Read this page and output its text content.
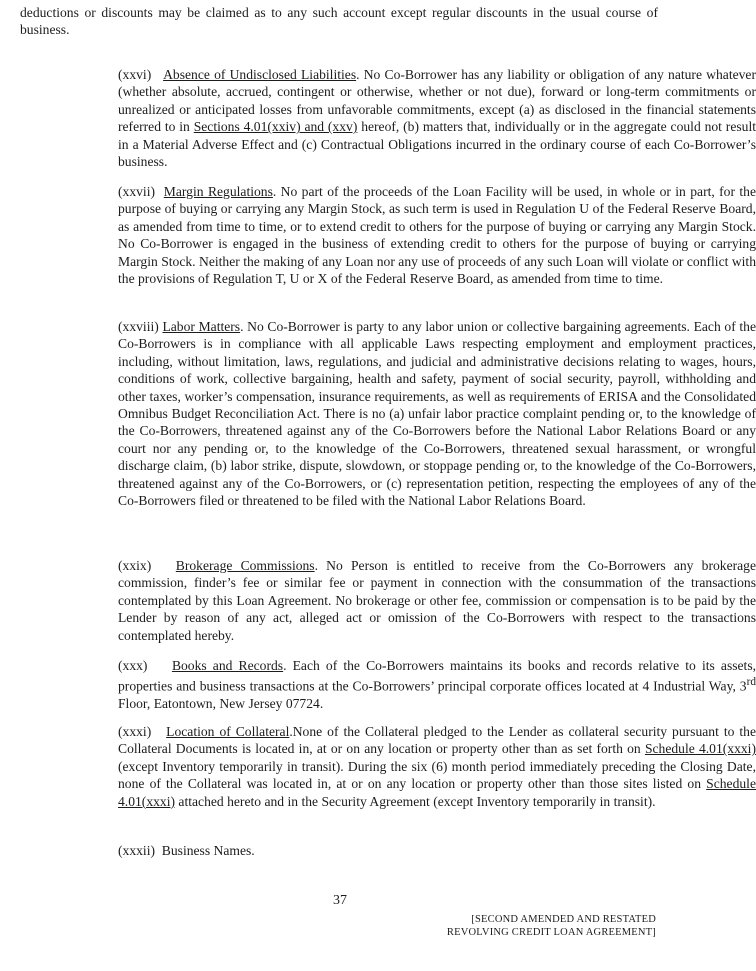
deductions or discounts may be claimed as to any such account except regular discounts in the usual course of business.

(xxvi) Absence of Undisclosed Liabilities. No Co-Borrower has any liability or obligation of any nature whatever (whether absolute, accrued, contingent or otherwise, whether or not due), forward or long-term commitments or unrealized or anticipated losses from unfavorable commitments, except (a) as disclosed in the financial statements referred to in Sections 4.01(xxiv) and (xxv) hereof, (b) matters that, individually or in the aggregate could not result in a Material Adverse Effect and (c) Contractual Obligations incurred in the ordinary course of each Co-Borrower’s business.

(xxvii) Margin Regulations. No part of the proceeds of the Loan Facility will be used, in whole or in part, for the purpose of buying or carrying any Margin Stock, as such term is used in Regulation U of the Federal Reserve Board, as amended from time to time, or to extend credit to others for the purpose of buying or carrying any Margin Stock. No Co-Borrower is engaged in the business of extending credit to others for the purpose of buying or carrying Margin Stock. Neither the making of any Loan nor any use of proceeds of any such Loan will violate or conflict with the provisions of Regulation T, U or X of the Federal Reserve Board, as amended from time to time.

(xxviii) Labor Matters. No Co-Borrower is party to any labor union or collective bargaining agreements. Each of the Co-Borrowers is in compliance with all applicable Laws respecting employment and employment practices, including, without limitation, laws, regulations, and judicial and administrative decisions relating to wages, hours, conditions of work, collective bargaining, health and safety, payment of social security, payroll, withholding and other taxes, worker’s compensation, insurance requirements, as well as requirements of ERISA and the Consolidated Omnibus Budget Reconciliation Act. There is no (a) unfair labor practice complaint pending or, to the knowledge of the Co-Borrowers, threatened against any of the Co-Borrowers before the National Labor Relations Board or any court nor any pending or, to the knowledge of the Co-Borrowers, threatened sexual harassment, or wrongful discharge claim, (b) labor strike, dispute, slowdown, or stoppage pending or, to the knowledge of the Co-Borrowers, threatened against any of the Co-Borrowers, or (c) representation petition, respecting the employees of any of the Co-Borrowers filed or threatened to be filed with the National Labor Relations Board.

(xxix) Brokerage Commissions. No Person is entitled to receive from the Co-Borrowers any brokerage commission, finder’s fee or similar fee or payment in connection with the consummation of the transactions contemplated by this Loan Agreement. No brokerage or other fee, commission or compensation is to be paid by the Lender by reason of any act, alleged act or omission of the Co-Borrowers with respect to the transactions contemplated hereby.

(xxx) Books and Records. Each of the Co-Borrowers maintains its books and records relative to its assets, properties and business transactions at the Co-Borrowers’ principal corporate offices located at 4 Industrial Way, 3rd Floor, Eatontown, New Jersey 07724.

(xxxi) Location of Collateral.None of the Collateral pledged to the Lender as collateral security pursuant to the Collateral Documents is located in, at or on any location or property other than as set forth on Schedule 4.01(xxxi) (except Inventory temporarily in transit). During the six (6) month period immediately preceding the Closing Date, none of the Collateral was located in, at or on any location or property other than those sites listed on Schedule 4.01(xxxi) attached hereto and in the Security Agreement (except Inventory temporarily in transit).

(xxxii) Business Names.

37
[SECOND AMENDED AND RESTATED
REVOLVING CREDIT LOAN AGREEMENT]
